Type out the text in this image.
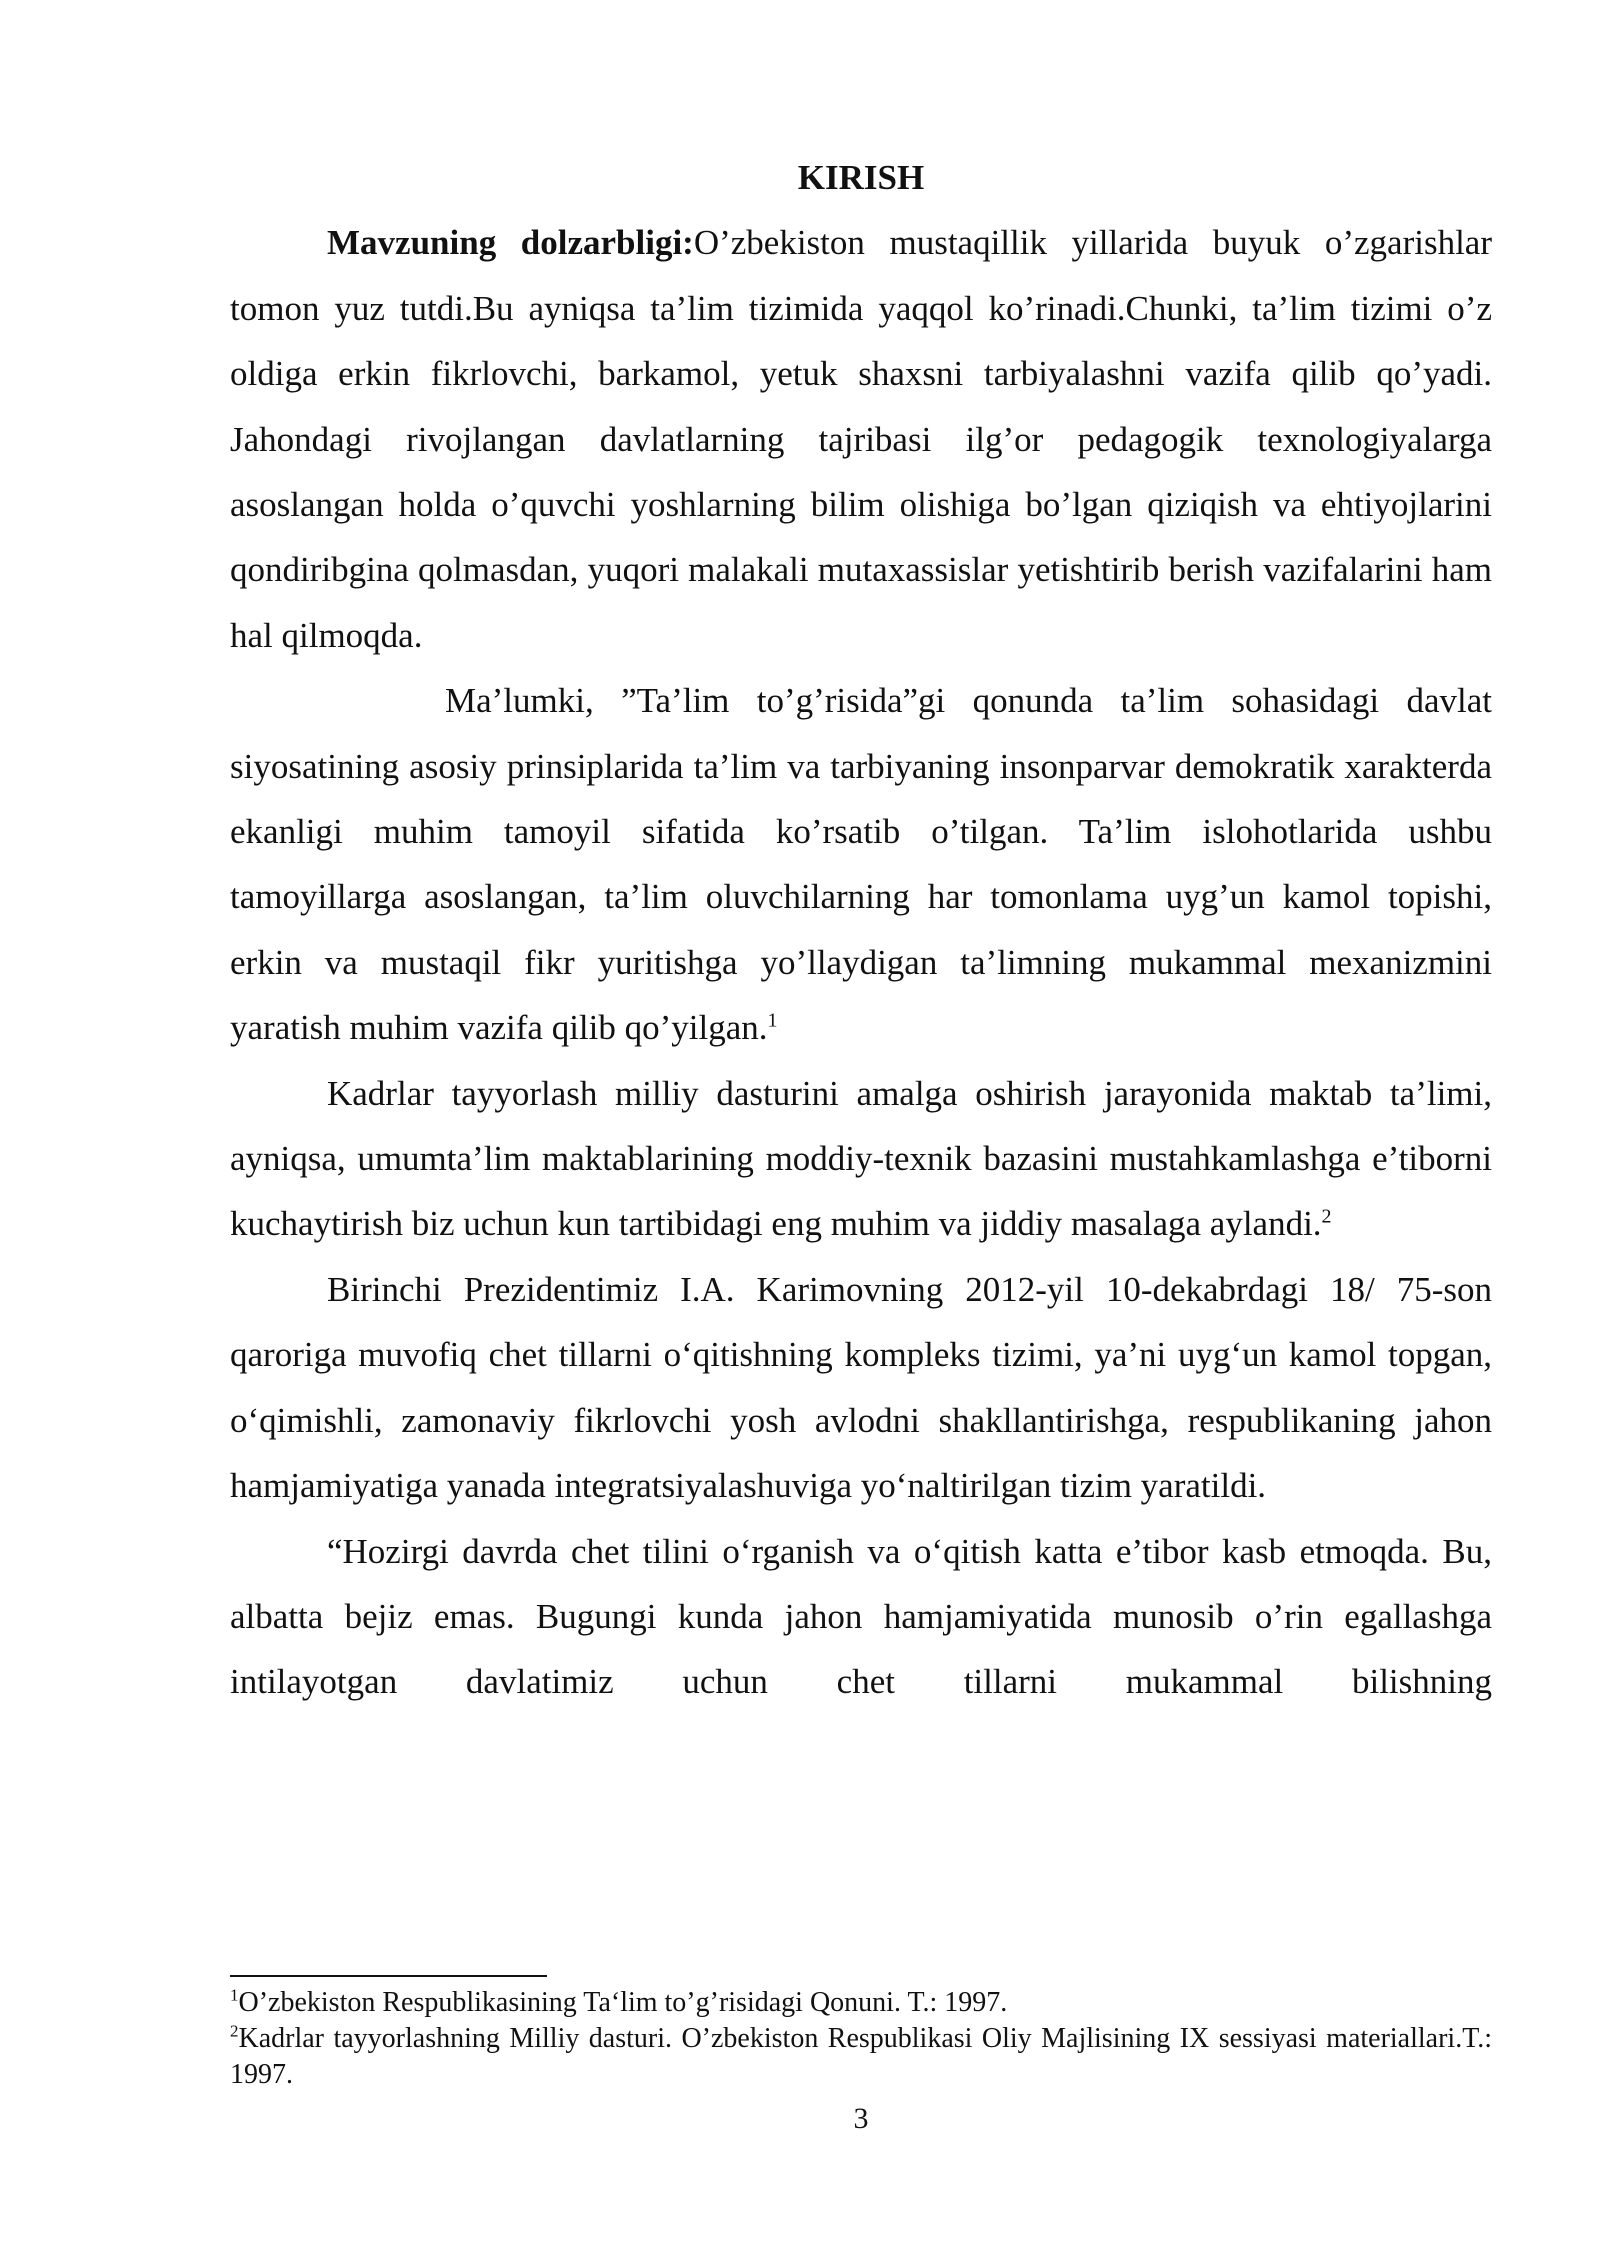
KIRISH

Mavzuning dolzarbligi:O’zbekiston mustaqillik yillarida buyuk o’zgarishlar tomon yuz tutdi.Bu ayniqsa ta’lim tizimida yaqqol ko’rinadi.Chunki, ta’lim tizimi o’z oldiga erkin fikrlovchi, barkamol, yetuk shaxsni tarbiyalashni vazifa qilib qo’yadi. Jahondagi rivojlangan davlatlarning tajribasi ilg’or pedagogik texnologiyalarga asoslangan holda o’quvchi yoshlarning bilim olishiga bo’lgan qiziqish va ehtiyojlarini qondiribgina qolmasdan, yuqori malakali mutaxassislar yetishtirib berish vazifalarini ham hal qilmoqda.

Ma’lumki, ”Ta’lim to’g’risida”gi qonunda ta’lim sohasidagi davlat siyosatining asosiy prinsiplarida ta’lim va tarbiyaning insonparvar demokratik xarakterda ekanligi muhim tamoyil sifatida ko’rsatib o’tilgan. Ta’lim islohotlarida ushbu tamoyillarga asoslangan, ta’lim oluvchilarning har tomonlama uyg’un kamol topishi, erkin va mustaqil fikr yuritishga yo’llaydigan ta’limning mukammal mexanizmini yaratish muhim vazifa qilib qo’yilgan.$^1$

Kadrlar tayyorlash milliy dasturini amalga oshirish jarayonida maktab ta’limi, ayniqsa, umumta’lim maktablarining moddiy-texnik bazasini mustahkamlashga e’tiborni kuchaytirish biz uchun kun tartibidagi eng muhim va jiddiy masalaga aylandi.$^2$

Birinchi Prezidentimiz I.A. Karimovning 2012-yil 10-dekabrdagi 18/ 75-son qaroriga muvofiq chet tillarni o‘qitishning kompleks tizimi, ya’ni uyg‘un kamol topgan, o‘qimishli, zamonaviy fikrlovchi yosh avlodni shakllantirishga, respublikaning jahon hamjamiyatiga yanada integratsiyalashuviga yo‘naltirilgan tizim yaratildi.

“Hozirgi davrda chet tilini o‘rganish va o‘qitish katta e’tibor kasb etmoqda. Bu, albatta bejiz emas. Bugungi kunda jahon hamjamiyatida munosib o’rin egallashga intilayotgan davlatimiz uchun chet tillarni mukammal bilishning

$^1$O’zbekiston Respublikasining Ta‘lim to’g’risidagi Qonuni. T.: 1997.

$^2$Kadrlar tayyorlashning Milliy dasturi. O’zbekiston Respublikasi Oliy Majlisining IX sessiyasi materiallari.T.: 1997.

3
